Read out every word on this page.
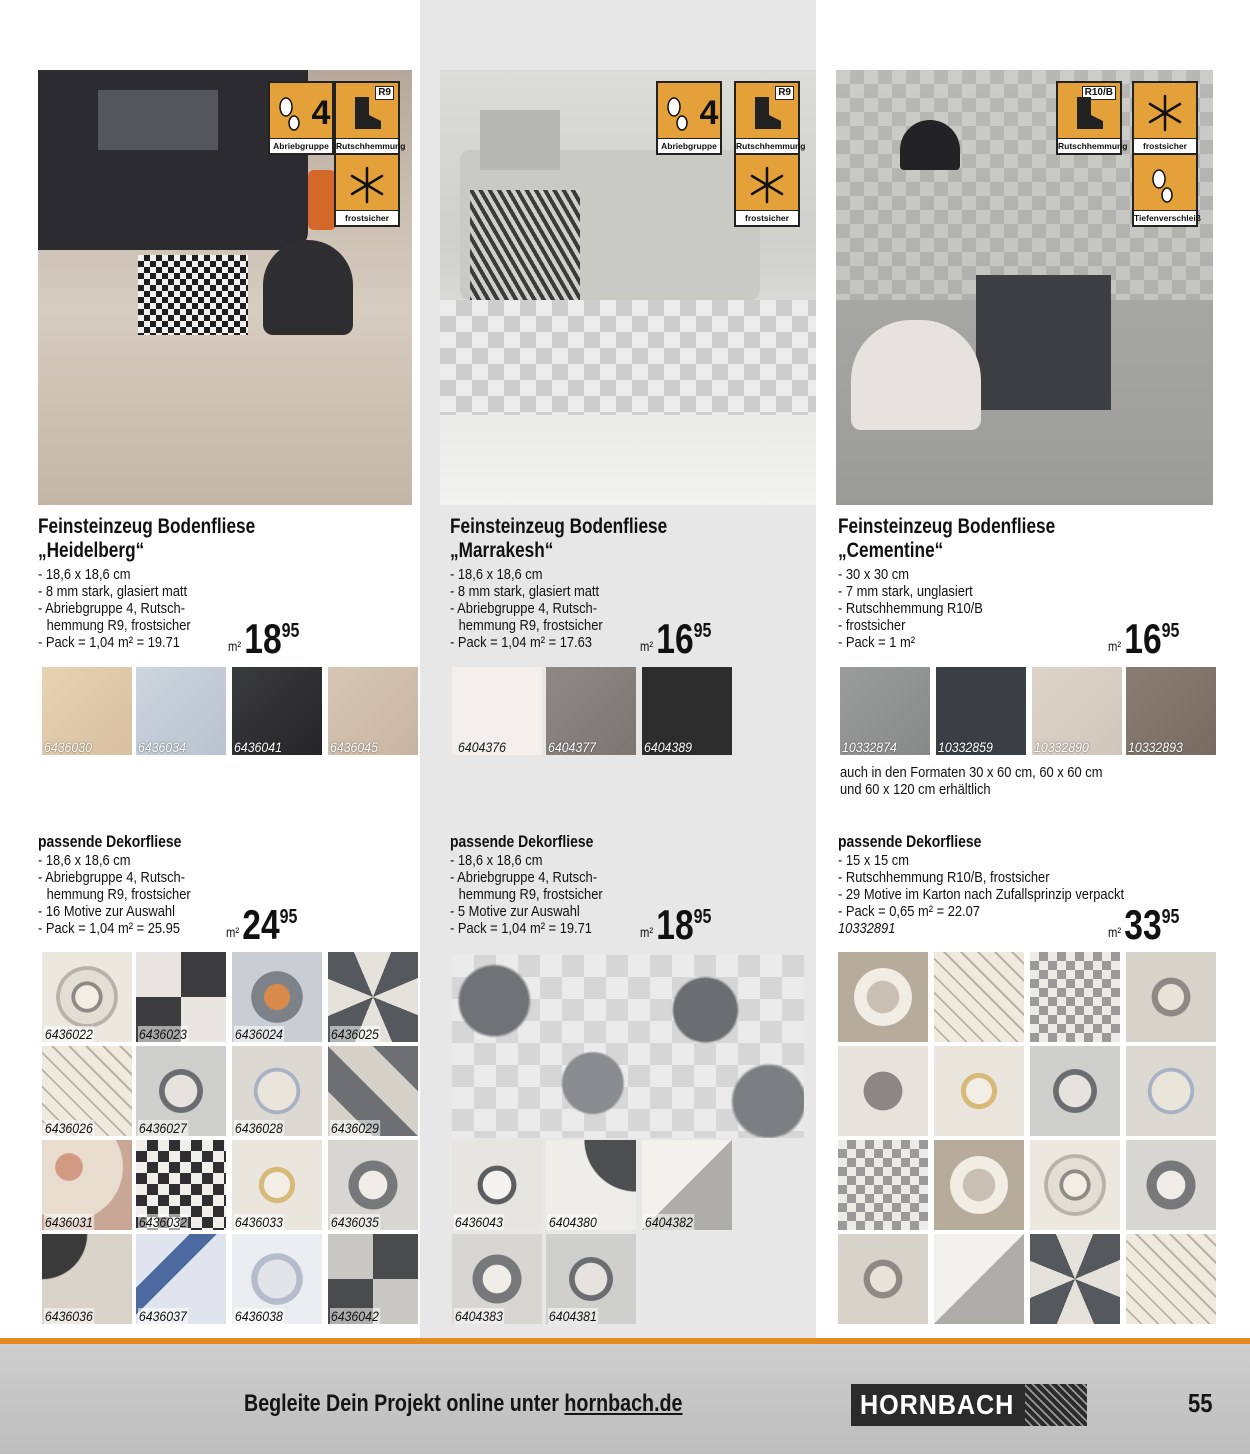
4
Abriebgruppe
R9
Rutschhemmung
frostsicher
Feinsteinzeug Bodenfliese
„Heidelberg“
- 18,6 x 18,6 cm
- 8 mm stark, glasiert matt
- Abriebgruppe 4, Rutsch-
hemmung R9, frostsicher
- Pack = 1,04 m² = 19.71	m²1895
6436030	6436034	6436041	6436045
passende Dekorfliese
- 18,6 x 18,6 cm
- Abriebgruppe 4, Rutsch-
hemmung R9, frostsicher
- 16 Motive zur Auswahl
- Pack = 1,04 m² = 25.95	m²2495
6436022	6436023	6436024	6436025
6436026	6436027	6436028	6436029
6436031	6436032	6436033	6436035
6436036	6436037	6436038	6436042
4
Abriebgruppe
R9
Rutschhemmung
frostsicher
Feinsteinzeug Bodenfliese
„Marrakesh“
- 18,6 x 18,6 cm
- 8 mm stark, glasiert matt
- Abriebgruppe 4, Rutsch-
hemmung R9, frostsicher
- Pack = 1,04 m² = 17.63	m²1695
6404376	6404377	6404389
passende Dekorfliese
- 18,6 x 18,6 cm
- Abriebgruppe 4, Rutsch-
hemmung R9, frostsicher
- 5 Motive zur Auswahl
- Pack = 1,04 m² = 19.71	m²1895
6436043	6404380	6404382
6404383	6404381
R10/B
Rutschhemmung	frostsicher
Tiefenverschleiß
Feinsteinzeug Bodenfliese
„Cementine“
- 30 x 30 cm
- 7 mm stark, unglasiert
- Rutschhemmung R10/B
- frostsicher
- Pack = 1 m²	m²1695
10332874	10332859	10332890	10332893
auch in den Formaten 30 x 60 cm, 60 x 60 cm
und 60 x 120 cm erhältlich
passende Dekorfliese
- 15 x 15 cm
- Rutschhemmung R10/B, frostsicher
- 29 Motive im Karton nach Zufallsprinzip verpackt
- Pack = 0,65 m² = 22.07
10332891	m²3395
Begleite Dein Projekt online unter hornbach.de	HORNBACH	55
